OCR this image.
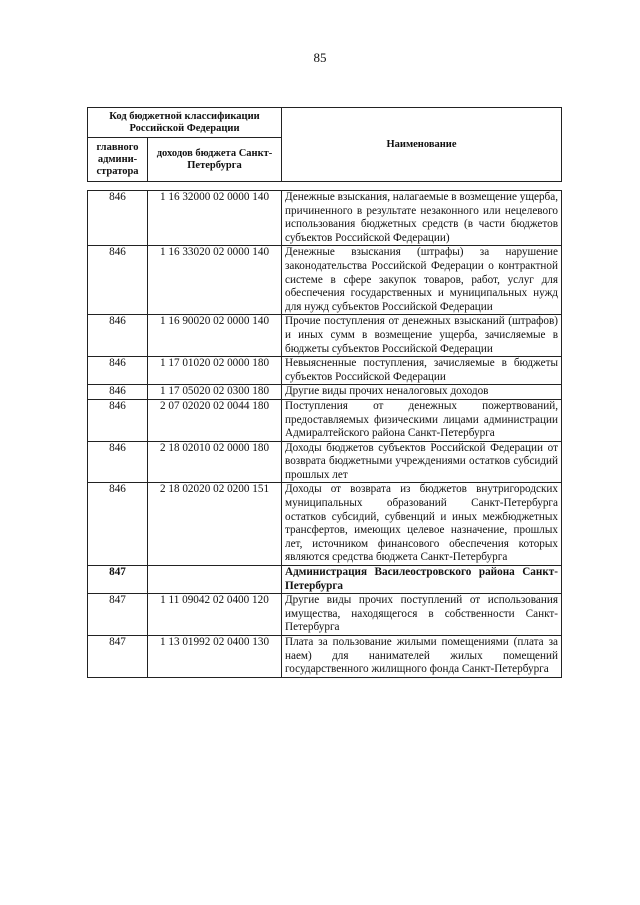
85
Код бюджетной классификации Российской Федерации		Наименование
главного админи-стратора	доходов бюджета Санкт-Петербурга	
846	1 16 32000 02 0000 140	Денежные взыскания, налагаемые в возмещение ущерба, причиненного в результате незаконного или нецелевого использования бюджетных средств (в части бюджетов субъектов Российской Федерации)
846	1 16 33020 02 0000 140	Денежные взыскания (штрафы) за нарушение законодательства Российской Федерации о контрактной системе в сфере закупок товаров, работ, услуг для обеспечения государственных и муниципальных нужд для нужд субъектов Российской Федерации
846	1 16 90020 02 0000 140	Прочие поступления от денежных взысканий (штрафов) и иных сумм в возмещение ущерба, зачисляемые в бюджеты субъектов Российской Федерации
846	1 17 01020 02 0000 180	Невыясненные поступления, зачисляемые в бюджеты субъектов Российской Федерации
846	1 17 05020 02 0300 180	Другие виды прочих неналоговых доходов
846	2 07 02020 02 0044 180	Поступления от денежных пожертвований, предоставляемых физическими лицами администрации Адмиралтейского района Санкт-Петербурга
846	2 18 02010 02 0000 180	Доходы бюджетов субъектов Российской Федерации от возврата бюджетными учреждениями остатков субсидий прошлых лет
846	2 18 02020 02 0200 151	Доходы от возврата из бюджетов внутригородских муниципальных образований Санкт-Петербурга остатков субсидий, субвенций и иных межбюджетных трансфертов, имеющих целевое назначение, прошлых лет, источником финансового обеспечения которых являются средства бюджета Санкт-Петербурга
847		Администрация Василеостровского района Санкт-Петербурга
847	1 11 09042 02 0400 120	Другие виды прочих поступлений от использования имущества, находящегося в собственности Санкт-Петербурга
847	1 13 01992 02 0400 130	Плата за пользование жилыми помещениями (плата за наем) для нанимателей жилых помещений государственного жилищного фонда Санкт-Петербурга
